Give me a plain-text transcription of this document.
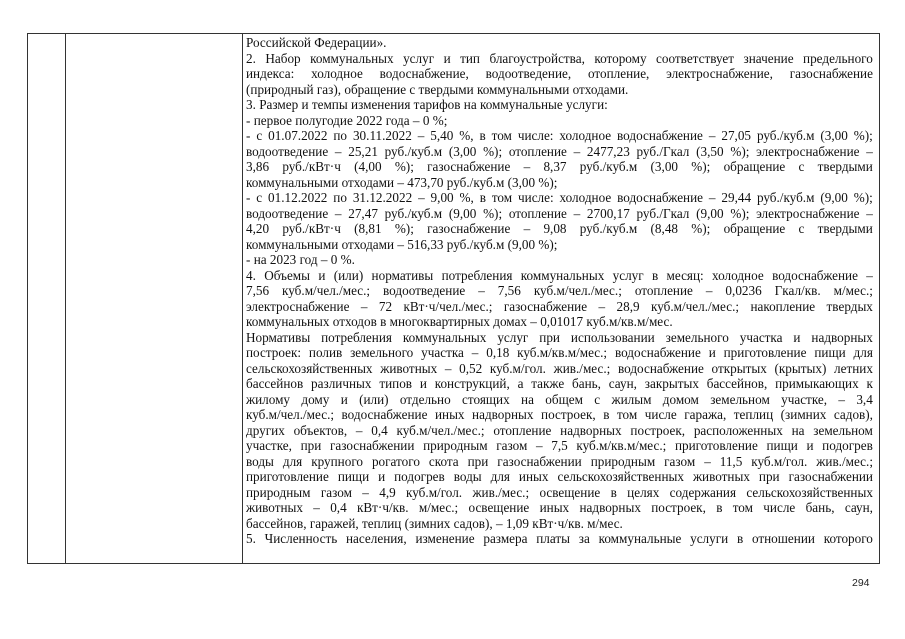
Российской Федерации».
2. Набор коммунальных услуг и тип благоустройства, которому соответствует значение предельного
индекса: холодное водоснабжение, водоотведение, отопление, электроснабжение, газоснабжение
(природный газ), обращение с твердыми коммунальными отходами.
3. Размер и темпы изменения тарифов на коммунальные услуги:
- первое полугодие 2022 года – 0 %;
- с 01.07.2022 по 30.11.2022 – 5,40 %, в том числе: холодное водоснабжение – 27,05 руб./куб.м (3,00 %);
водоотведение – 25,21 руб./куб.м (3,00 %); отопление – 2477,23 руб./Гкал (3,50 %); электроснабжение –
3,86 руб./кВт·ч (4,00 %); газоснабжение – 8,37 руб./куб.м (3,00 %); обращение с твердыми
коммунальными отходами – 473,70 руб./куб.м (3,00 %);
- с 01.12.2022 по 31.12.2022 – 9,00 %, в том числе: холодное водоснабжение – 29,44 руб./куб.м (9,00 %);
водоотведение – 27,47 руб./куб.м (9,00 %); отопление – 2700,17 руб./Гкал (9,00 %); электроснабжение –
4,20 руб./кВт·ч (8,81 %); газоснабжение – 9,08 руб./куб.м (8,48 %); обращение с твердыми
коммунальными отходами – 516,33 руб./куб.м (9,00 %);
- на 2023 год – 0 %.
4. Объемы и (или) нормативы потребления коммунальных услуг в месяц: холодное водоснабжение –
7,56 куб.м/чел./мес.; водоотведение – 7,56 куб.м/чел./мес.; отопление – 0,0236 Гкал/кв. м/мес.;
электроснабжение – 72 кВт·ч/чел./мес.; газоснабжение – 28,9 куб.м/чел./мес.; накопление твердых
коммунальных отходов в многоквартирных домах – 0,01017 куб.м/кв.м/мес.
Нормативы потребления коммунальных услуг при использовании земельного участка и надворных
построек: полив земельного участка – 0,18 куб.м/кв.м/мес.; водоснабжение и приготовление пищи для
сельскохозяйственных животных – 0,52 куб.м/гол. жив./мес.; водоснабжение открытых (крытых) летних
бассейнов различных типов и конструкций, а также бань, саун, закрытых бассейнов, примыкающих к
жилому дому и (или) отдельно стоящих на общем с жилым домом земельном участке, – 3,4
куб.м/чел./мес.; водоснабжение иных надворных построек, в том числе гаража, теплиц (зимних садов),
других объектов, – 0,4 куб.м/чел./мес.; отопление надворных построек, расположенных на земельном
участке, при газоснабжении природным газом – 7,5 куб.м/кв.м/мес.; приготовление пищи и подогрев
воды для крупного рогатого скота при газоснабжении природным газом – 11,5 куб.м/гол. жив./мес.;
приготовление пищи и подогрев воды для иных сельскохозяйственных животных при газоснабжении
природным газом – 4,9 куб.м/гол. жив./мес.; освещение в целях содержания сельскохозяйственных
животных – 0,4 кВт·ч/кв. м/мес.; освещение иных надворных построек, в том числе бань, саун,
бассейнов, гаражей, теплиц (зимних садов), – 1,09 кВт·ч/кв. м/мес.
5. Численность населения, изменение размера платы за коммунальные услуги в отношении которого
294
